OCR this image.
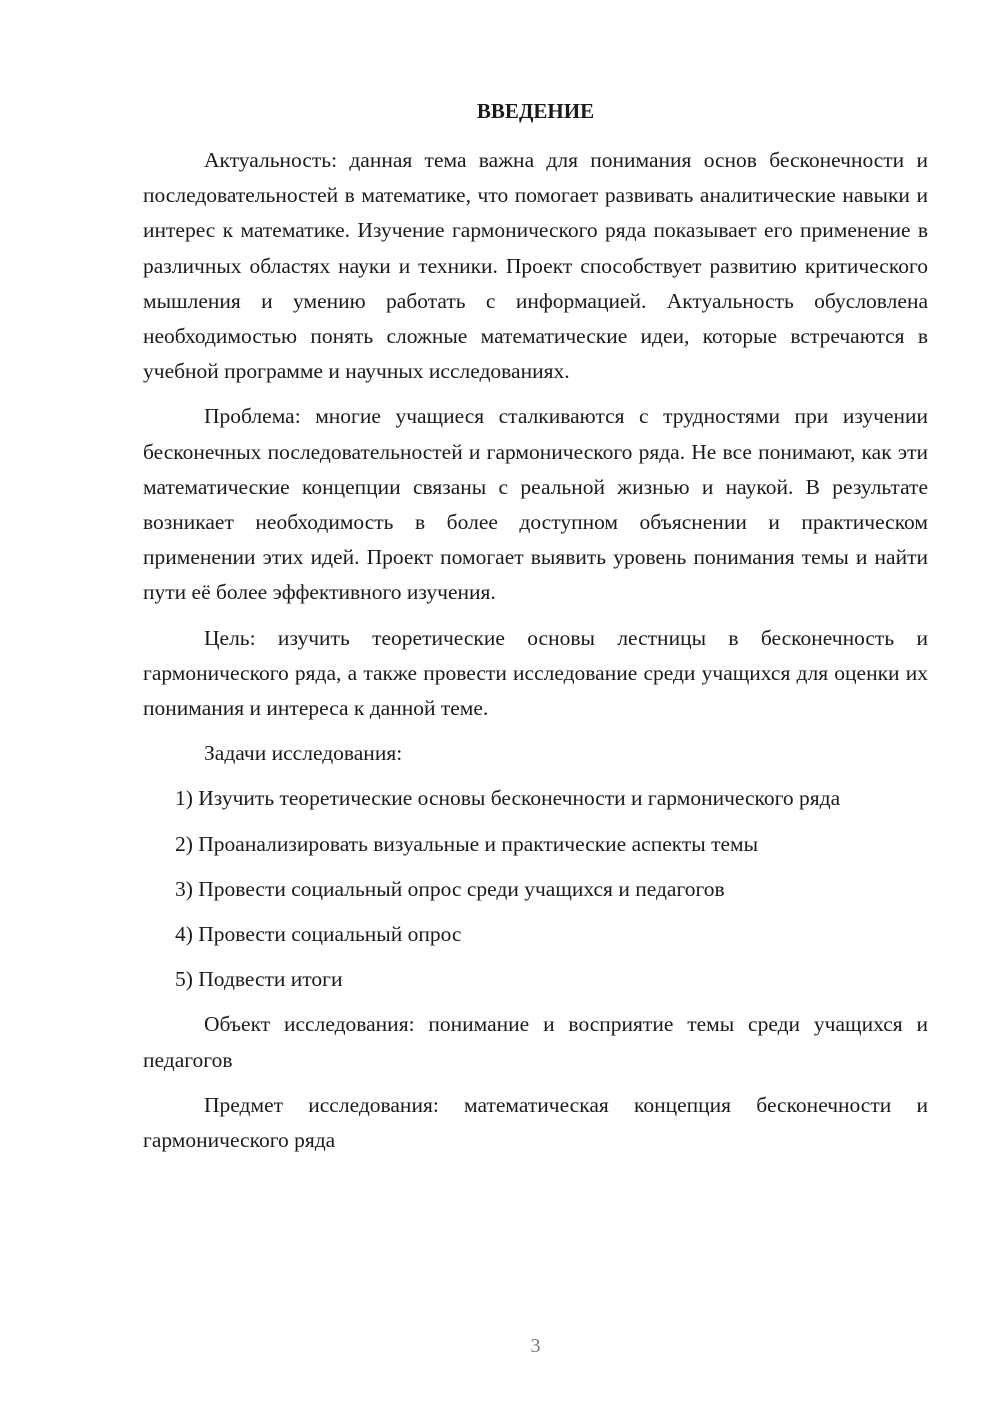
ВВЕДЕНИЕ

Актуальность: данная тема важна для понимания основ бесконечности и последовательностей в математике, что помогает развивать аналитические навыки и интерес к математике. Изучение гармонического ряда показывает его применение в различных областях науки и техники. Проект способствует развитию критического мышления и умению работать с информацией. Актуальность обусловлена необходимостью понять сложные математические идеи, которые встречаются в учебной программе и научных исследованиях.

Проблема: многие учащиеся сталкиваются с трудностями при изучении бесконечных последовательностей и гармонического ряда. Не все понимают, как эти математические концепции связаны с реальной жизнью и наукой. В результате возникает необходимость в более доступном объяснении и практическом применении этих идей. Проект помогает выявить уровень понимания темы и найти пути её более эффективного изучения.

Цель: изучить теоретические основы лестницы в бесконечность и гармонического ряда, а также провести исследование среди учащихся для оценки их понимания и интереса к данной теме.

Задачи исследования:

1) Изучить теоретические основы бесконечности и гармонического ряда

2) Проанализировать визуальные и практические аспекты темы

3) Провести социальный опрос среди учащихся и педагогов

4) Провести социальный опрос

5) Подвести итоги

Объект исследования: понимание и восприятие темы среди учащихся и педагогов

Предмет исследования: математическая концепция бесконечности и гармонического ряда

3
